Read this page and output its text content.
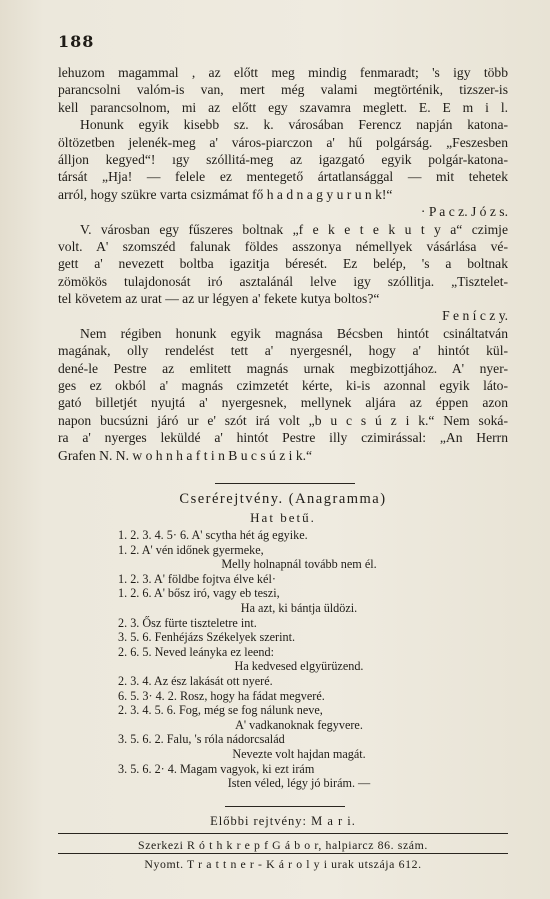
188
lehuzom magammal , az előtt meg mindig fenmaradt; 's igy több
parancsolni valóm-is van, mert még valami megtörténik, tizszer-is
kell parancsolnom, mi az előtt egy szavamra meglett. E. E m i l.
Honunk egyik kisebb sz. k. városában Ferencz napján katona-
öltözetben jelenék-meg a' város-piarczon a' hű polgárság. „Feszesben
álljon kegyed“! ıgy szóllitá-meg az igazgató egyik polgár-katona-
társát „Hja! — felele ez mentegető ártatlansággal — mit tehetek
arról, hogy szükre varta csizmámat fő h a d n a g y u r u n k!“
· P a c z. J ó z s.
V. városban egy fűszeres boltnak „f e k e t e k u t y a“ czimje
volt. A' szomszéd falunak földes asszonya némellyek vásárlása vé-
gett a' nevezett boltba igazitja béresét. Ez belép, 's a boltnak
zömökös tulajdonosát iró asztalánál lelve igy szóllitja. „Tisztelet-
tel követem az urat — az ur légyen a' fekete kutya boltos?“
F e n í c z y.
Nem régiben honunk egyik magnása Bécsben hintót csináltatván
magának, olly rendelést tett a' nyergesnél, hogy a' hintót kül-
dené-le Pestre az emlitett magnás urnak megbizottjához. A' nyer-
ges ez okból a' magnás czimzetét kérte, ki-is azonnal egyik láto-
gató billetjét nyujtá a' nyergesnek, mellynek aljára az éppen azon
napon bucsúzni járó ur e' szót irá volt „b u c s ú z i k.“ Nem soká-
ra a' nyerges leküldé a' hintót Pestre illy czimirással: „An Herrn
Grafen N. N. w o h n h a f t i n B u c s ú z i k.“
Cserérejtvény. (Anagramma)
Hat betű.
1. 2. 3. 4. 5· 6. A' scytha hét ág egyike.
1. 2. A' vén időnek gyermeke,
Melly holnapnál tovább nem él.
1. 2. 3. A' földbe fojtva élve kél·
1. 2. 6. A' bősz iró, vagy eb teszi,
Ha azt, ki bántja üldözi.
2. 3. Ősz fürte tiszteletre int.
3. 5. 6. Fenhéjázs Székelyek szerint.
2. 6. 5. Neved leányka ez leend:
Ha kedvesed elgyürüzend.
2. 3. 4. Az ész lakását ott nyeré.
6. 5. 3· 4. 2. Rosz, hogy ha fádat megveré.
2. 3. 4. 5. 6. Fog, még se fog nálunk neve,
A' vadkanoknak fegyvere.
3. 5. 6. 2. Falu, 's róla nádorcsalád
Nevezte volt hajdan magát.
3. 5. 6. 2· 4. Magam vagyok, ki ezt irám
Isten véled, légy jó birám. —
Előbbi rejtvény: M a r i.
Szerkezi R ó t h k r e p f G á b o r, halpiarcz 86. szám.
Nyomt. T r a t t n e r - K á r o l y i urak utszája 612.
